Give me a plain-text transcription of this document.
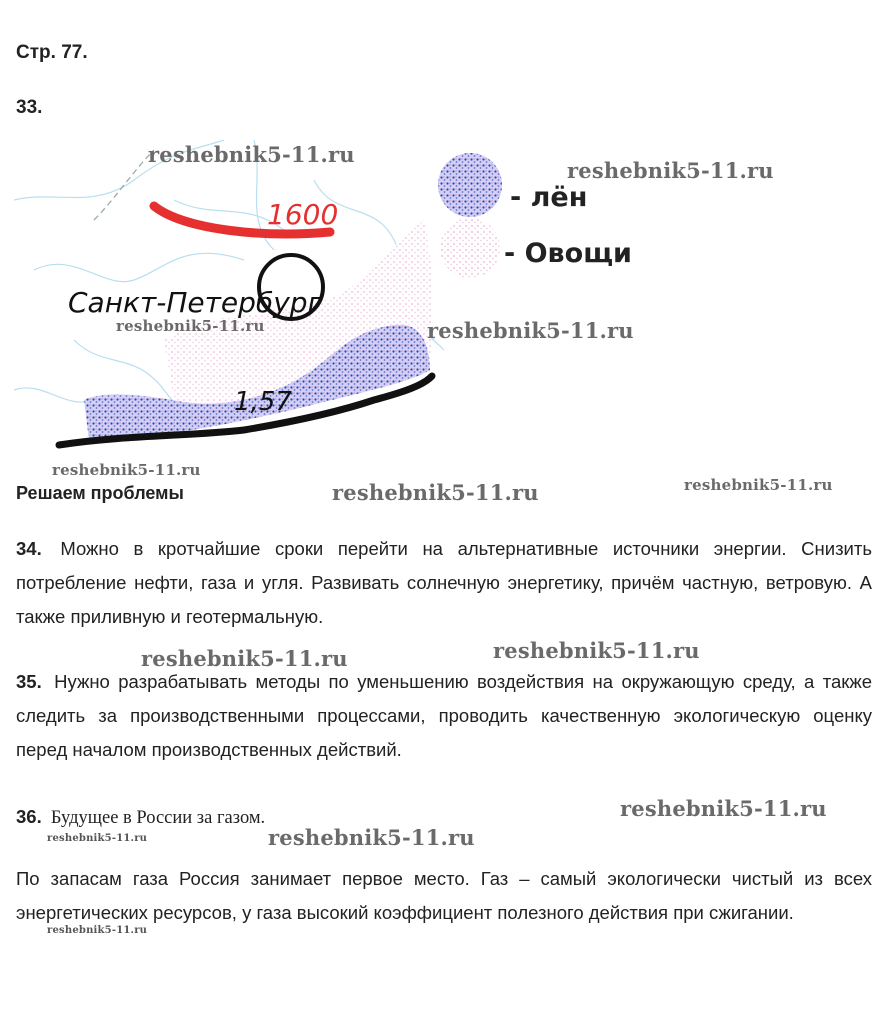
Стр. 77.
33.
1600
1,57
Санкт-Петербург
- лён
- Овощи
Решаем проблемы
34. Можно в кротчайшие сроки перейти на альтернативные источники энергии. Снизить потребление нефти, газа и угля. Развивать солнечную энергетику, причём частную, ветровую. А также приливную и геотермальную.
35. Нужно разрабатывать методы по уменьшению воздействия на окружающую среду, а также следить за производственными процессами, проводить качественную экологическую оценку перед началом производственных действий.
36. Будущее в России за газом.
По запасам газа Россия занимает первое место. Газ – самый экологически чистый из всех энергетических ресурсов, у газа высокий коэффициент полезного действия при сжигании.
reshebnik5-11.ru
reshebnik5-11.ru
reshebnik5-11.ru	reshebnik5-11.ru
reshebnik5-11.ru
reshebnik5-11.ru	reshebnik5-11.ru
reshebnik5-11.ru	reshebnik5-11.ru
reshebnik5-11.ru
reshebnik5-11.ru	reshebnik5-11.ru
reshebnik5-11.ru
